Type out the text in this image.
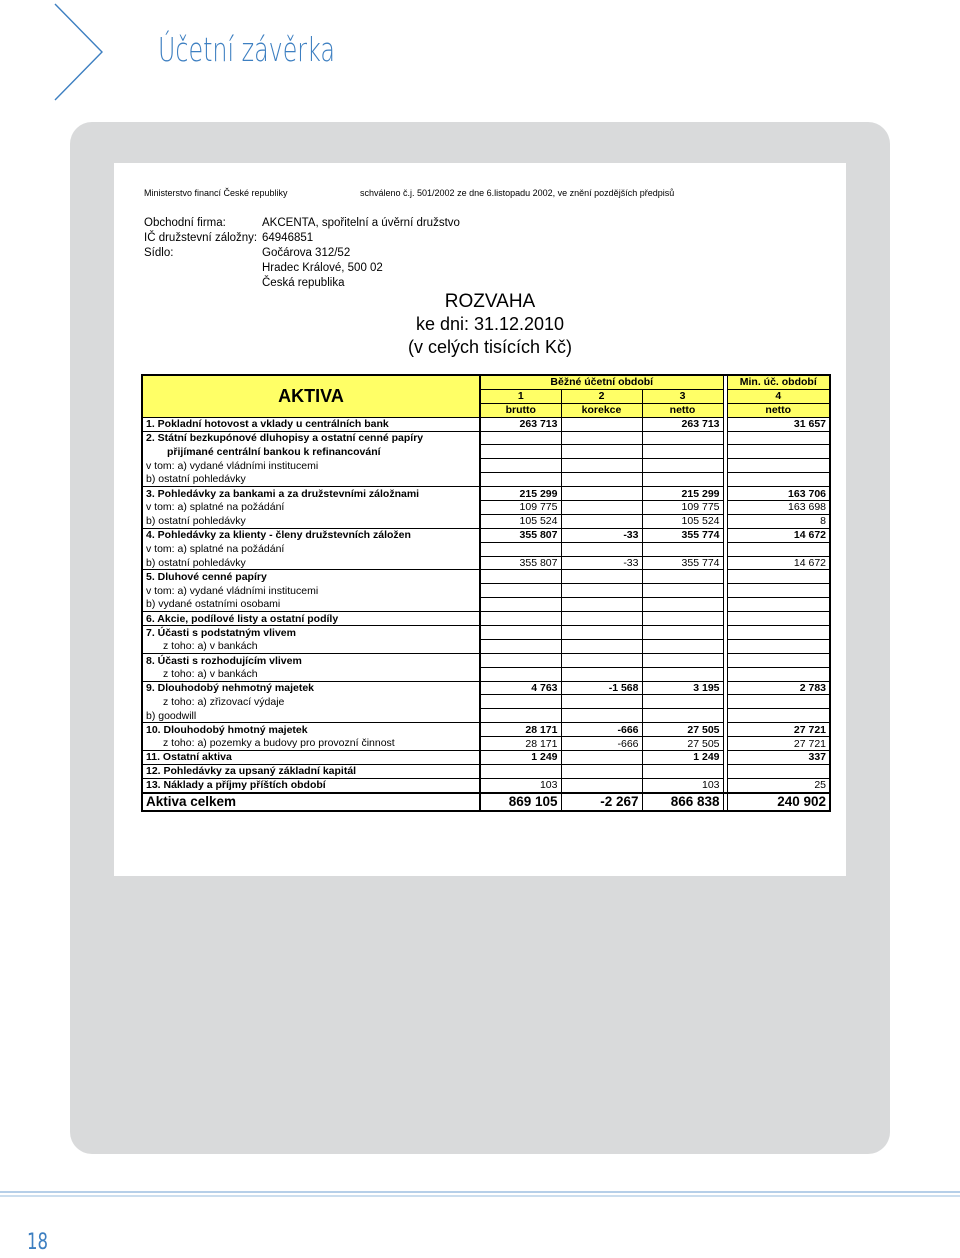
Účetní závěrka
Ministerstvo financí České republiky	schváleno č.j. 501/2002 ze dne 6.listopadu 2002, ve znění pozdějších předpisů
Obchodní firma:	AKCENTA, spořitelní a úvěrní družstvo
IČ družstevní záložny: 64946851
Sídlo:	Gočárova 312/52
Hradec Králové, 500 02
Česká republika
ROZVAHA
ke dni: 31.12.2010
(v celých tisících Kč)
AKTIVA	Běžné účetní období				Min. úč. období
	1	2	3		4
	brutto	korekce	netto		netto
1. Pokladní hotovost a vklady u centrálních bank	263 713		263 713		31 657
2. Státní bezkupónové dluhopisy a ostatní cenné papíry					
přijímané centrální bankou k refinancování					
v tom: a) vydané vládními institucemi					
b) ostatní pohledávky					
3. Pohledávky za bankami a za družstevními záložnami	215 299		215 299		163 706
v tom: a) splatné na požádání	109 775		109 775		163 698
b) ostatní pohledávky	105 524		105 524		8
4. Pohledávky za klienty - členy družstevních záložen	355 807	-33	355 774		14 672
v tom: a) splatné na požádání					
b) ostatní pohledávky	355 807	-33	355 774		14 672
5. Dluhové cenné papíry					
v tom: a) vydané vládními institucemi					
b) vydané ostatními osobami					
6. Akcie, podílové listy a ostatní podíly					
7. Účasti s podstatným vlivem					
z toho: a) v bankách					
8. Účasti s rozhodujícím vlivem					
z toho: a) v bankách					
9. Dlouhodobý nehmotný majetek	4 763	-1 568	3 195		2 783
z toho: a) zřizovací výdaje					
b) goodwill					
10. Dlouhodobý hmotný majetek	28 171	-666	27 505		27 721
z toho: a) pozemky a budovy pro provozní činnost	28 171	-666	27 505		27 721
11. Ostatní aktiva	1 249		1 249		337
12. Pohledávky za upsaný základní kapitál					
13. Náklady a příjmy příštích období	103		103		25
Aktiva celkem	869 105	-2 267	866 838		240 902
18
